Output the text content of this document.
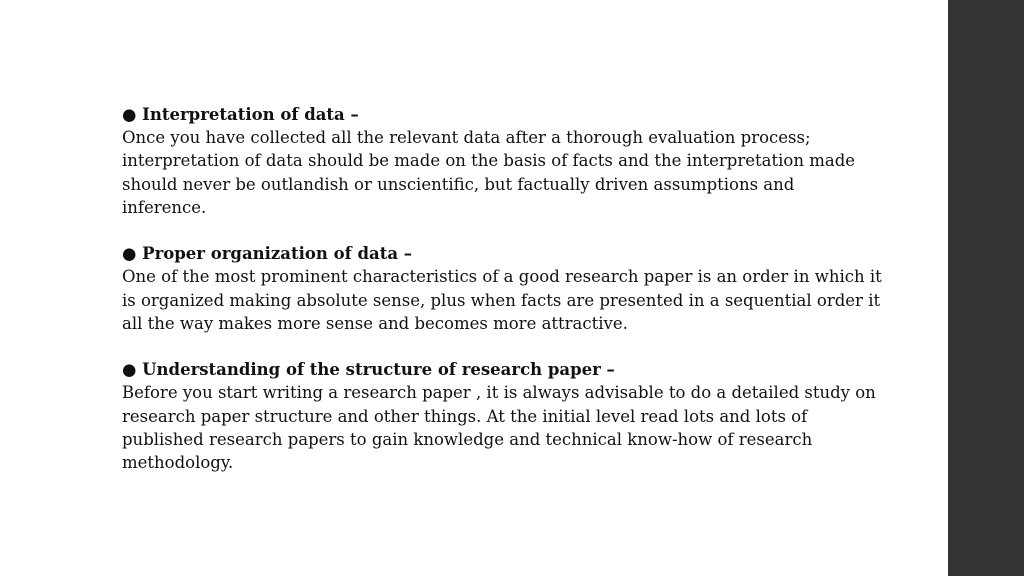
● Interpretation of data –
Once you have collected all the relevant data after a thorough evaluation process; interpretation of data should be made on the basis of facts and the interpretation made should never be outlandish or unscientific, but factually driven assumptions and inference.
● Proper organization of data –
One of the most prominent characteristics of a good research paper is an order in which it is organized making absolute sense, plus when facts are presented in a sequential order it all the way makes more sense and becomes more attractive.
● Understanding of the structure of research paper –
Before you start writing a research paper , it is always advisable to do a detailed study on research paper structure and other things. At the initial level read lots and lots of published research papers to gain knowledge and technical know-how of research methodology.
